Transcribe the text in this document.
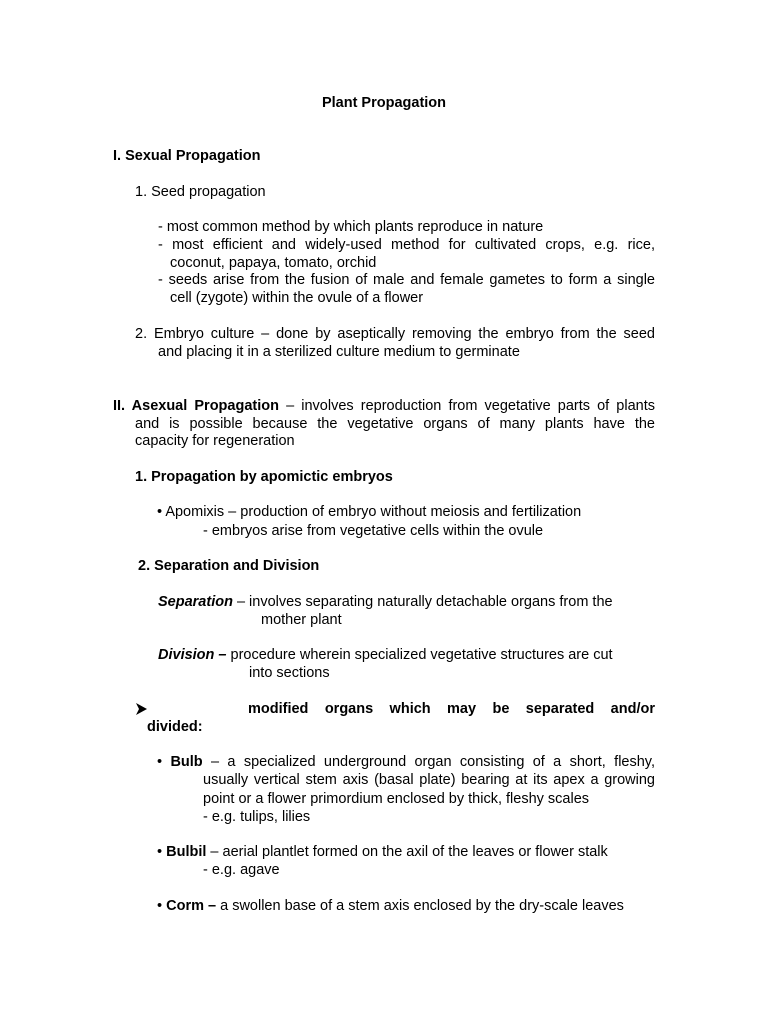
Plant Propagation
I. Sexual Propagation
1. Seed propagation
- most common method by which plants reproduce in nature
- most efficient and widely-used method for cultivated crops, e.g. rice,
coconut, papaya, tomato, orchid
- seeds arise from the fusion of male and female gametes to form a single
cell (zygote) within the ovule of a flower
2. Embryo culture – done by aseptically removing the embryo from the seed
and placing it in a sterilized culture medium to germinate
II. Asexual Propagation – involves reproduction from vegetative parts of plants
and is possible because the vegetative organs of many plants have the
capacity for regeneration
1. Propagation by apomictic embryos
• Apomixis – production of embryo without meiosis and fertilization
- embryos arise from vegetative cells within the ovule
2. Separation and Division
Separation – involves separating naturally detachable organs from the
mother plant
Division – procedure wherein specialized vegetative structures are cut
into sections
modified organs which may be separated and/or
divided:
• Bulb – a specialized underground organ consisting of a short, fleshy,
usually vertical stem axis (basal plate) bearing at its apex a growing
point or a flower primordium enclosed by thick, fleshy scales
- e.g. tulips, lilies
• Bulbil – aerial plantlet formed on the axil of the leaves or flower stalk
- e.g. agave
• Corm – a swollen base of a stem axis enclosed by the dry-scale leaves
